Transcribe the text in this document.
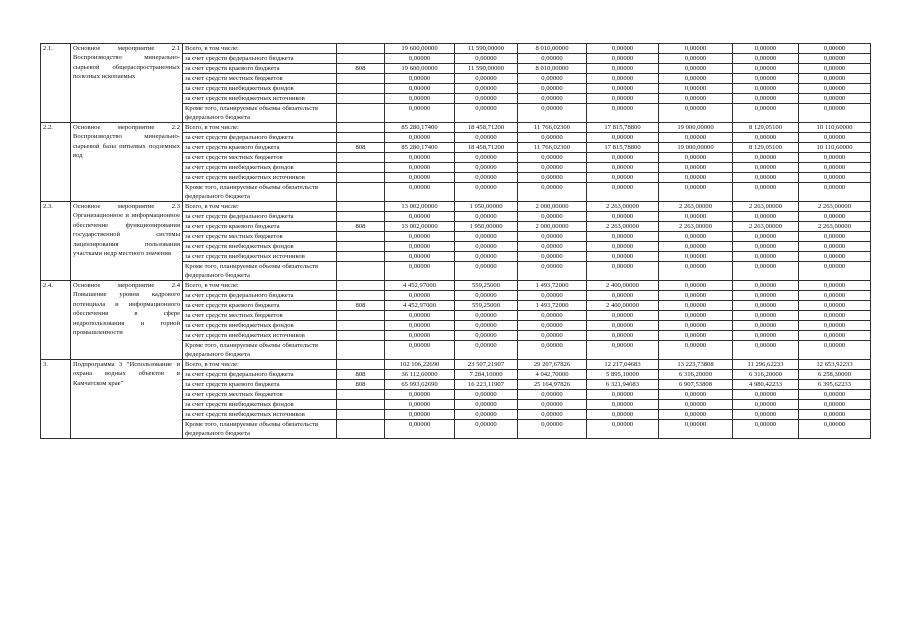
2.1.	Основное мероприятие 2.1 Воспроизводство минерально-сырьевой общераспространенных полезных ископаемых	Всего, в том числе:		19 600,00000	11 590,00000	8 010,00000	0,00000	0,00000	0,00000	0,00000
		за счет средств федерального бюджета		0,00000	0,00000	0,00000	0,00000	0,00000	0,00000	0,00000
		за счет средств краевого бюджета	808	19 600,00000	11 590,00000	8 010,00000	0,00000	0,00000	0,00000	0,00000
		за счет средств местных бюджетов		0,00000	0,00000	0,00000	0,00000	0,00000	0,00000	0,00000
		за счет средств внебюджетных фондов		0,00000	0,00000	0,00000	0,00000	0,00000	0,00000	0,00000
		за счет средств внебюджетных источников		0,00000	0,00000	0,00000	0,00000	0,00000	0,00000	0,00000
		Кроме того, планируемые объемы обязательств федерального бюджета		0,00000	0,00000	0,00000	0,00000	0,00000	0,00000	0,00000
2.2.	Основное мероприятие 2.2 Воспроизводство минерально-сырьевой базы питьевых подземных вод	Всего, в том числе:		85 280,17400	18 458,71200	11 766,02300	17 815,78800	19 000,00000	8 129,05100	10 110,60000
		за счет средств федерального бюджета		0,00000	0,00000	0,00000	0,00000	0,00000	0,00000	0,00000
		за счет средств краевого бюджета	808	85 280,17400	18 458,71200	11 766,02300	17 815,78800	19 000,00000	8 129,05100	10 110,60000
		за счет средств местных бюджетов		0,00000	0,00000	0,00000	0,00000	0,00000	0,00000	0,00000
		за счет средств внебюджетных фондов		0,00000	0,00000	0,00000	0,00000	0,00000	0,00000	0,00000
		за счет средств внебюджетных источников		0,00000	0,00000	0,00000	0,00000	0,00000	0,00000	0,00000
		Кроме того, планируемые объемы обязательств федерального бюджета		0,00000	0,00000	0,00000	0,00000	0,00000	0,00000	0,00000
2.3.	Основное мероприятие 2.3 Организационное и информационное обеспечение функционирования государственной системы лицензирования пользования участками недр местного значения	Всего, в том числе:		13 002,00000	1 950,00000	2 000,00000	2 263,00000	2 263,00000	2 263,00000	2 263,00000
		за счет средств федерального бюджета		0,00000	0,00000	0,00000	0,00000	0,00000	0,00000	0,00000
		за счет средств краевого бюджета	808	13 002,00000	1 950,00000	2 000,00000	2 263,00000	2 263,00000	2 263,00000	2 263,00000
		за счет средств местных бюджетов		0,00000	0,00000	0,00000	0,00000	0,00000	0,00000	0,00000
		за счет средств внебюджетных фондов		0,00000	0,00000	0,00000	0,00000	0,00000	0,00000	0,00000
		за счет средств внебюджетных источников		0,00000	0,00000	0,00000	0,00000	0,00000	0,00000	0,00000
		Кроме того, планируемые объемы обязательств федерального бюджета		0,00000	0,00000	0,00000	0,00000	0,00000	0,00000	0,00000
2.4.	Основное мероприятие 2.4 Повышение уровня кадрового потенциала и информационного обеспечения в сфере недропользования и горной промышленности	Всего, в том числе:		4 452,97000	559,25000	1 493,72000	2 400,00000	0,00000	0,00000	0,00000
		за счет средств федерального бюджета		0,00000	0,00000	0,00000	0,00000	0,00000	0,00000	0,00000
		за счет средств краевого бюджета	808	4 452,97000	559,25000	1 493,72000	2 400,00000	0,00000	0,00000	0,00000
		за счет средств местных бюджетов		0,00000	0,00000	0,00000	0,00000	0,00000	0,00000	0,00000
		за счет средств внебюджетных фондов		0,00000	0,00000	0,00000	0,00000	0,00000	0,00000	0,00000
		за счет средств внебюджетных источников		0,00000	0,00000	0,00000	0,00000	0,00000	0,00000	0,00000
		Кроме того, планируемые объемы обязательств федерального бюджета		0,00000	0,00000	0,00000	0,00000	0,00000	0,00000	0,00000
3.	Подпрограмма 3 "Использование и охрана водных объектов в Камчатском крае"	Всего, в том числе:		102 106,22690	23 507,21907	29 207,67826	12 217,04683	13 223,73808	11 296,62233	12 653,92233
		за счет средств федерального бюджета	808	36 112,60000	7 284,10000	4 042,70000	5 895,10000	6 316,20000	6 316,20000	6 258,30000
		за счет средств краевого бюджета	808	65 993,62690	16 223,11907	25 164,97826	6 321,94683	6 907,53808	4 980,42233	6 395,62233
		за счет средств местных бюджетов		0,00000	0,00000	0,00000	0,00000	0,00000	0,00000	0,00000
		за счет средств внебюджетных фондов		0,00000	0,00000	0,00000	0,00000	0,00000	0,00000	0,00000
		за счет средств внебюджетных источников		0,00000	0,00000	0,00000	0,00000	0,00000	0,00000	0,00000
		Кроме того, планируемые объемы обязательств федерального бюджета		0,00000	0,00000	0,00000	0,00000	0,00000	0,00000	0,00000
